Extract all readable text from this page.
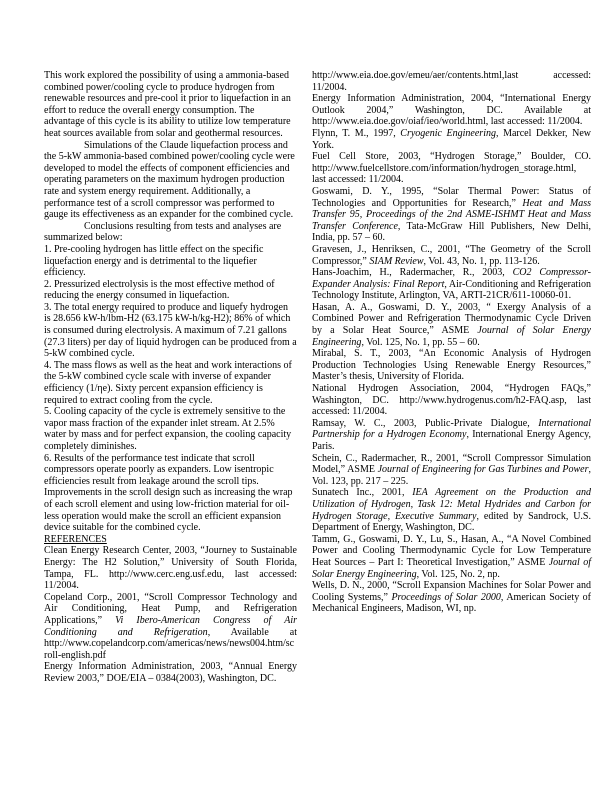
This work explored the possibility of using a ammonia-based combined power/cooling cycle to produce hydrogen from renewable resources and pre-cool it prior to liquefaction in an effort to reduce the overall energy consumption. The advantage of this cycle is its ability to utilize low temperature heat sources available from solar and geothermal resources.

Simulations of the Claude liquefaction process and the 5-kW ammonia-based combined power/cooling cycle were developed to model the effects of component efficiencies and operating parameters on the maximum hydrogen production rate and system energy requirement. Additionally, a performance test of a scroll compressor was performed to gauge its effectiveness as an expander for the combined cycle.

Conclusions resulting from tests and analyses are summarized below:

1. Pre-cooling hydrogen has little effect on the specific liquefaction energy and is detrimental to the liquefier efficiency.

2. Pressurized electrolysis is the most effective method of reducing the energy consumed in liquefaction.

3. The total energy required to produce and liquefy hydrogen is 28.656 kW-h/lbm-H2 (63.175 kW-h/kg-H2); 86% of which is consumed during electrolysis. A maximum of 7.21 gallons (27.3 liters) per day of liquid hydrogen can be produced from a 5-kW combined cycle.

4. The mass flows as well as the heat and work interactions of the 5-kW combined cycle scale with inverse of expander efficiency (1/ηe). Sixty percent expansion efficiency is required to extract cooling from the cycle.

5. Cooling capacity of the cycle is extremely sensitive to the vapor mass fraction of the expander inlet stream. At 2.5% water by mass and for perfect expansion, the cooling capacity completely diminishes.

6. Results of the performance test indicate that scroll compressors operate poorly as expanders. Low isentropic efficiencies result from leakage around the scroll tips. Improvements in the scroll design such as increasing the wrap of each scroll element and using low-friction material for oil-less operation would make the scroll an efficient expansion device suitable for the combined cycle.

REFERENCES

Clean Energy Research Center, 2003, “Journey to Sustainable Energy: The H2 Solution,” University of South Florida, Tampa, FL. http://www.cerc.eng.usf.edu, last accessed: 11/2004.

Copeland Corp., 2001, “Scroll Compressor Technology and Air Conditioning, Heat Pump, and Refrigeration Applications,” Vi Ibero-American Congress of Air Conditioning and Refrigeration, Available at http://www.copelandcorp.com/americas/news/news004.htm/scroll-english.pdf

Energy Information Administration, 2003, “Annual Energy Review 2003,” DOE/EIA – 0384(2003), Washington, DC.

http://www.eia.doe.gov/emeu/aer/contents.html,last accessed: 11/2004.

Energy Information Administration, 2004, “International Energy Outlook 2004,” Washington, DC. Available at http://www.eia.doe.gov/oiaf/ieo/world.html, last accessed: 11/2004.

Flynn, T. M., 1997, Cryogenic Engineering, Marcel Dekker, New York.

Fuel Cell Store, 2003, “Hydrogen Storage,” Boulder, CO. http://www.fuelcellstore.com/information/hydrogen_storage.html, last accessed: 11/2004.

Goswami, D. Y., 1995, “Solar Thermal Power: Status of Technologies and Opportunities for Research,” Heat and Mass Transfer 95, Proceedings of the 2nd ASME-ISHMT Heat and Mass Transfer Conference, Tata-McGraw Hill Publishers, New Delhi, India, pp. 57 – 60.

Gravesen, J., Henriksen, C., 2001, “The Geometry of the Scroll Compressor,” SIAM Review, Vol. 43, No. 1, pp. 113-126.

Hans-Joachim, H., Radermacher, R., 2003, CO2 Compressor-Expander Analysis: Final Report, Air-Conditioning and Refrigeration Technology Institute, Arlington, VA, ARTI-21CR/611-10060-01.

Hasan, A. A., Goswami, D. Y., 2003, “ Exergy Analysis of a Combined Power and Refrigeration Thermodynamic Cycle Driven by a Solar Heat Source,” ASME Journal of Solar Energy Engineering, Vol. 125, No. 1, pp. 55 – 60.

Mirabal, S. T., 2003, “An Economic Analysis of Hydrogen Production Technologies Using Renewable Energy Resources,” Master’s thesis, University of Florida.

National Hydrogen Association, 2004, “Hydrogen FAQs,” Washington, DC. http://www.hydrogenus.com/h2-FAQ.asp, last accessed: 11/2004.

Ramsay, W. C., 2003, Public-Private Dialogue, International Partnership for a Hydrogen Economy, International Energy Agency, Paris.

Schein, C., Radermacher, R., 2001, “Scroll Compressor Simulation Model,” ASME Journal of Engineering for Gas Turbines and Power, Vol. 123, pp. 217 – 225.

Sunatech Inc., 2001, IEA Agreement on the Production and Utilization of Hydrogen, Task 12: Metal Hydrides and Carbon for Hydrogen Storage, Executive Summary, edited by Sandrock, U.S. Department of Energy, Washington, DC.

Tamm, G., Goswami, D. Y., Lu, S., Hasan, A., “A Novel Combined Power and Cooling Thermodynamic Cycle for Low Temperature Heat Sources – Part I: Theoretical Investigation,” ASME Journal of Solar Energy Engineering, Vol. 125, No. 2, np.

Wells, D. N., 2000, “Scroll Expansion Machines for Solar Power and Cooling Systems,” Proceedings of Solar 2000, American Society of Mechanical Engineers, Madison, WI, np.
